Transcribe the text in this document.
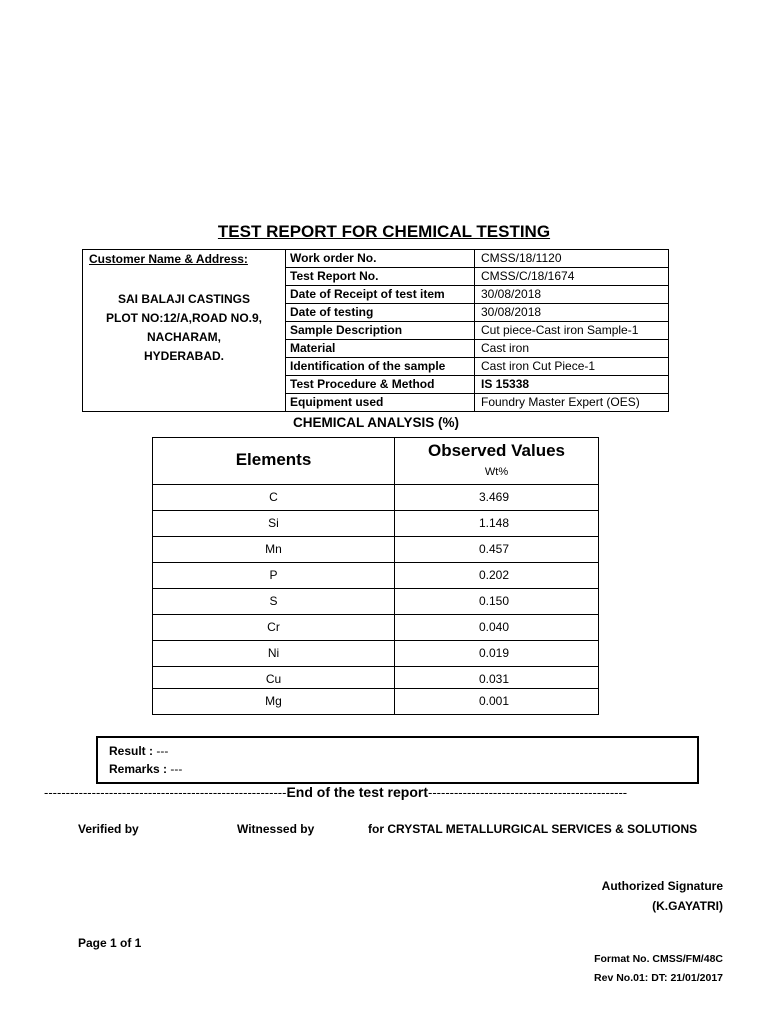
TEST REPORT FOR CHEMICAL TESTING
Customer Name & Address:
SAI BALAJI CASTINGS
PLOT NO:12/A,ROAD NO.9,
NACHARAM,
HYDERABAD.
Work order No.	CMSS/18/1120
Test Report No.	CMSS/C/18/1674
Date of Receipt of test item	30/08/2018
Date of testing	30/08/2018
Sample Description	Cut piece-Cast iron Sample-1
Material	Cast iron
Identification of the sample	Cast iron Cut Piece-1
Test Procedure & Method	IS 15338
Equipment used	Foundry Master Expert (OES)
CHEMICAL ANALYSIS (%)
Elements	Observed Values
Wt%
C	3.469
Si	1.148
Mn	0.457
P	0.202
S	0.150
Cr	0.040
Ni	0.019
Cu	0.031
Mg	0.001
Result : ---
Remarks : ---
--------------------------------------------------------End of the test report----------------------------------------------
Verified by	Witnessed by	for CRYSTAL METALLURGICAL SERVICES & SOLUTIONS
Authorized Signature
(K.GAYATRI)
Page 1 of 1
Format No. CMSS/FM/48C
Rev No.01: DT: 21/01/2017
